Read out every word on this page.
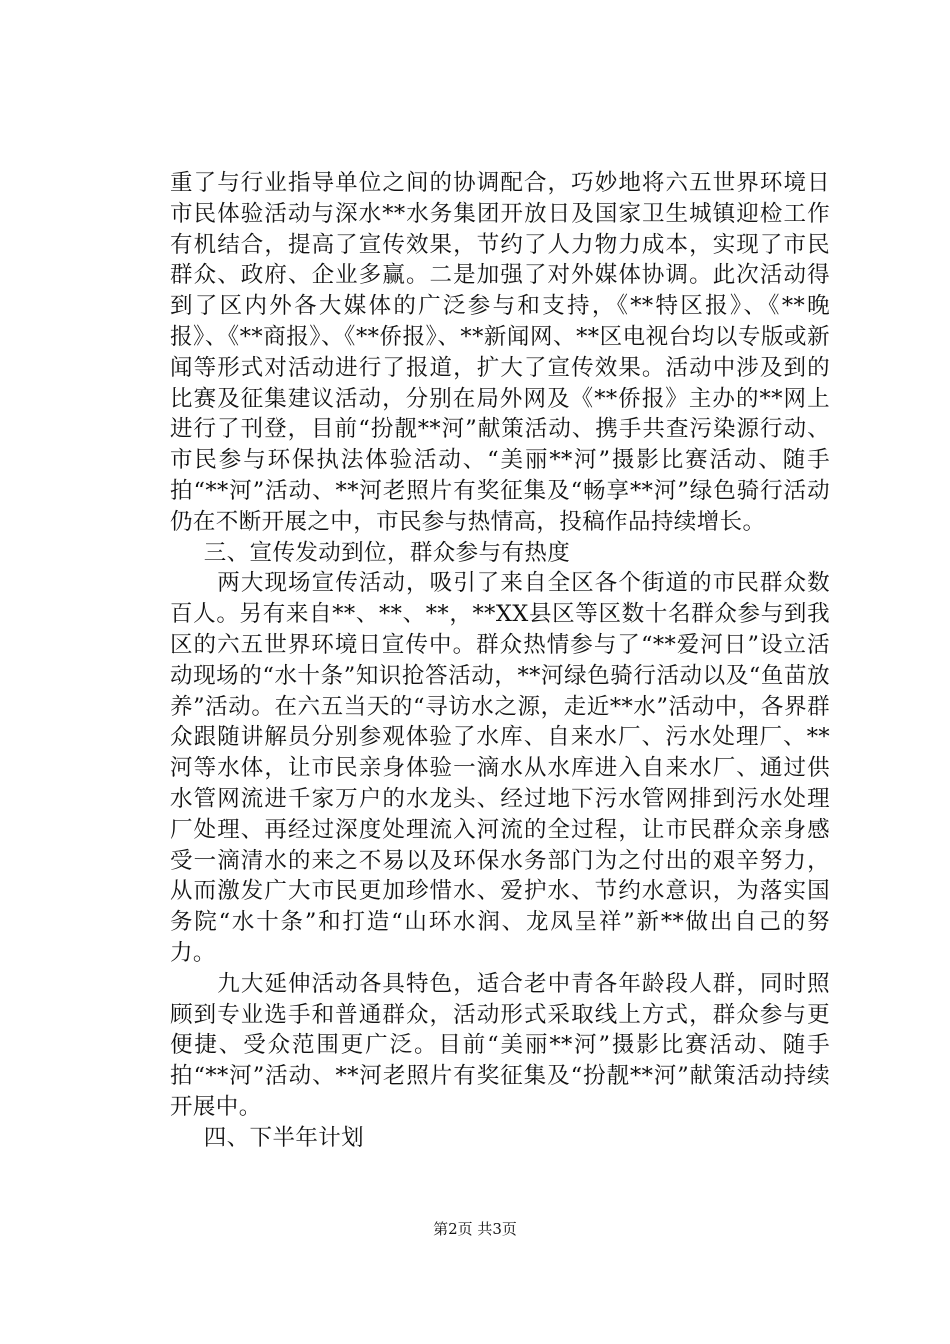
重了与行业指导单位之间的协调配合，巧妙地将六五世界环境日市民体验活动与深水**水务集团开放日及国家卫生城镇迎检工作有机结合，提高了宣传效果，节约了人力物力成本，实现了市民群众、政府、企业多赢。二是加强了对外媒体协调。此次活动得到了区内外各大媒体的广泛参与和支持，《**特区报》、《**晚报》、《**商报》、《**侨报》、**新闻网、**区电视台均以专版或新闻等形式对活动进行了报道，扩大了宣传效果。活动中涉及到的比赛及征集建议活动，分别在局外网及《**侨报》主办的**网上进行了刊登，目前“扮靓**河”献策活动、携手共查污染源行动、市民参与环保执法体验活动、“美丽**河”摄影比赛活动、随手拍“**河”活动、**河老照片有奖征集及“畅享**河”绿色骑行活动仍在不断开展之中，市民参与热情高，投稿作品持续增长。

三、宣传发动到位，群众参与有热度

两大现场宣传活动，吸引了来自全区各个街道的市民群众数百人。另有来自**、**、**，**XX县区等区数十名群众参与到我区的六五世界环境日宣传中。群众热情参与了“**爱河日”设立活动现场的“水十条”知识抢答活动，**河绿色骑行活动以及“鱼苗放养”活动。在六五当天的“寻访水之源，走近**水”活动中，各界群众跟随讲解员分别参观体验了水库、自来水厂、污水处理厂、**河等水体，让市民亲身体验一滴水从水库进入自来水厂、通过供水管网流进千家万户的水龙头、经过地下污水管网排到污水处理厂处理、再经过深度处理流入河流的全过程，让市民群众亲身感受一滴清水的来之不易以及环保水务部门为之付出的艰辛努力，从而激发广大市民更加珍惜水、爱护水、节约水意识，为落实国务院“水十条”和打造“山环水润、龙凤呈祥”新**做出自己的努力。

九大延伸活动各具特色，适合老中青各年龄段人群，同时照顾到专业选手和普通群众，活动形式采取线上方式，群众参与更便捷、受众范围更广泛。目前“美丽**河”摄影比赛活动、随手拍“**河”活动、**河老照片有奖征集及“扮靓**河”献策活动持续开展中。

四、下半年计划

第2页 共3页
